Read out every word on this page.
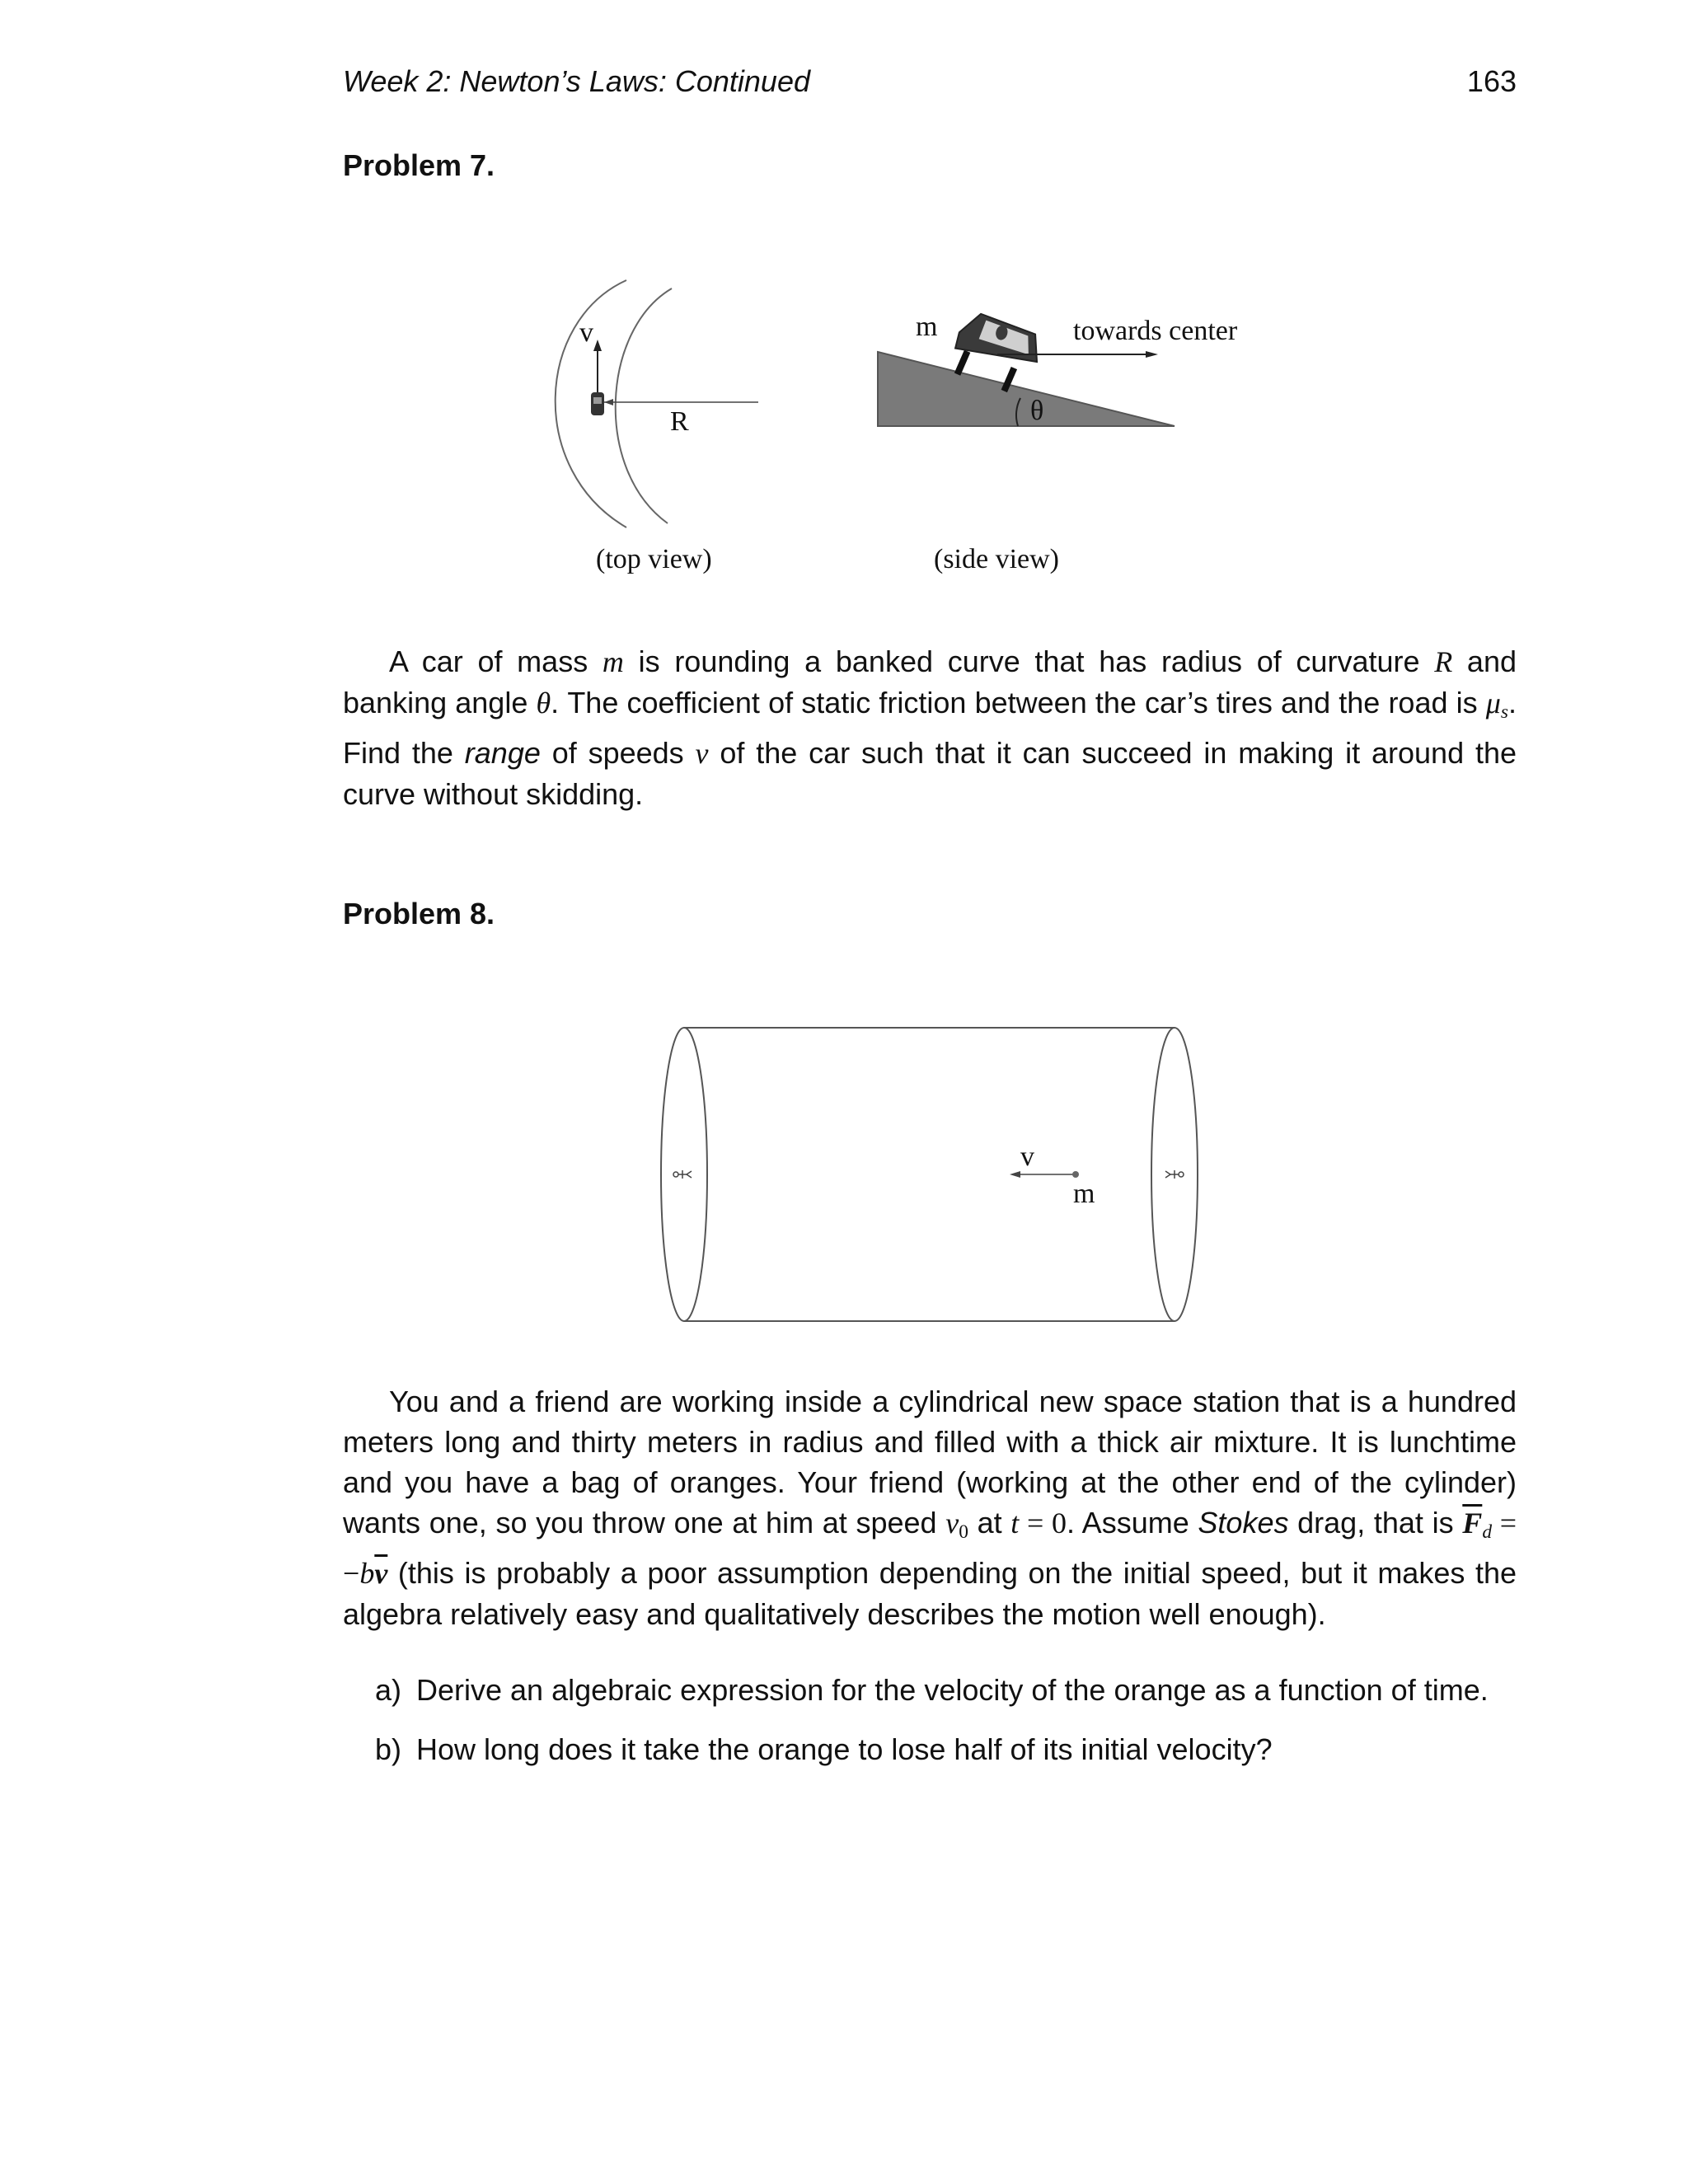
Week 2: Newton’s Laws: Continued	163
Problem 7.
v
R
(top view)
m	towards center
θ
(side view)

A car of mass m is rounding a banked curve that has radius of curvature R and banking angle θ. The coefficient of static friction between the car’s tires and the road is $\mu_s$. Find the range of speeds v of the car such that it can succeed in making it around the curve without skidding.

Problem 8.
v
m

You and a friend are working inside a cylindrical new space station that is a hundred meters long and thirty meters in radius and filled with a thick air mixture. It is lunchtime and you have a bag of oranges. Your friend (working at the other end of the cylinder) wants one, so you throw one at him at speed $v_0$ at t = 0. Assume Stokes drag, that is $\overline{F}_d = -b\overline{v}$ (this is probably a poor assumption depending on the initial speed, but it makes the algebra relatively easy and qualitatively describes the motion well enough).

a) Derive an algebraic expression for the velocity of the orange as a function of time.
b) How long does it take the orange to lose half of its initial velocity?
